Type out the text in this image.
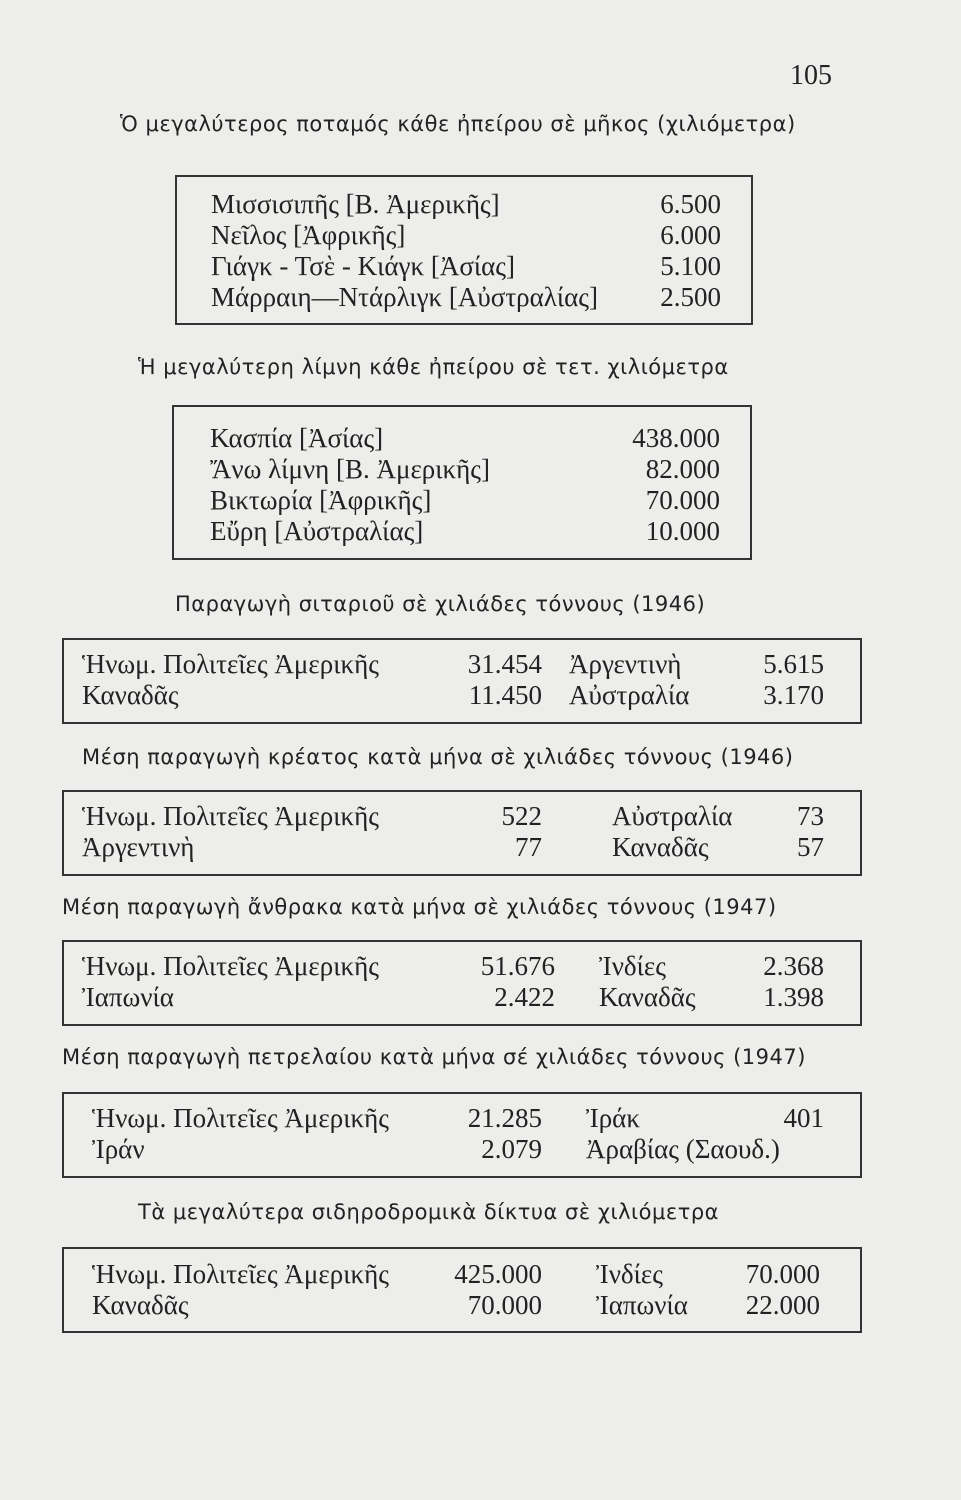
105
Ὁ μεγαλύτερος ποταμός κάθε ἠπείρου σὲ μῆκος (χιλιόμετρα)
Μισσισιπῆς [Β. Ἀμερικῆς]	6.500
Νεῖλος [Ἀφρικῆς]	6.000
Γιάγκ - Τσὲ - Κιάγκ [Ἀσίας]	5.100
Μάρραιη—Ντάρλιγκ [Αὐστραλίας] 2.500
Ἡ μεγαλύτερη λίμνη κάθε ἠπείρου σὲ τετ. χιλιόμετρα
Κασπία [Ἀσίας]	438.000
Ἄνω λίμνη [Β. Ἀμερικῆς]	82.000
Βικτωρία [Ἀφρικῆς]	70.000
Εὔρη [Αὐστραλίας]	10.000
Παραγωγὴ σιταριοῦ σὲ χιλιάδες τόννους (1946)
Ἡνωμ. Πολιτεῖες Ἀμερικῆς	31.454 Ἀργεντινὴ	5.615
Καναδᾶς	11.450 Αὐστραλία	3.170
Μέση παραγωγὴ κρέατος κατὰ μήνα σὲ χιλιάδες τόννους (1946)
Ἡνωμ. Πολιτεῖες Ἀμερικῆς	522	Αὐστραλία 73
Ἀργεντινὴ	77	Καναδᾶς	57
Μέση παραγωγὴ ἄνθρακα κατὰ μήνα σὲ χιλιάδες τόννους (1947)
Ἡνωμ. Πολιτεῖες Ἀμερικῆς	51.676 Ἰνδίες	2.368
Ἰαπωνία	2.422 Καναδᾶς	1.398
Μέση παραγωγὴ πετρελαίου κατὰ μήνα σέ χιλιάδες τόννους (1947)
Ἡνωμ. Πολιτεῖες Ἀμερικῆς	21.285 Ἰράκ	401
Ἰράν	2.079 Ἀραβίας (Σαουδ.)
Τὰ μεγαλύτερα σιδηροδρομικὰ δίκτυα σὲ χιλιόμετρα
Ἡνωμ. Πολιτεῖες Ἀμερικῆς 425.000 Ἰνδίες	70.000
Καναδᾶς	70.000 Ἰαπωνία 22.000
